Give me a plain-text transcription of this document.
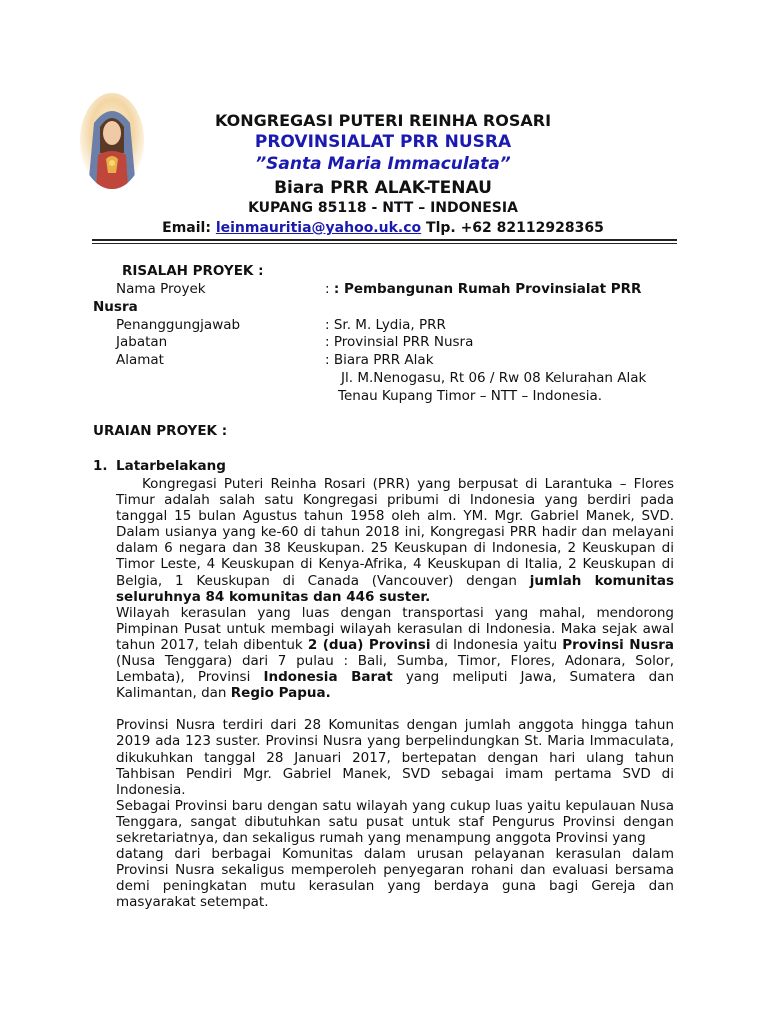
KONGREGASI PUTERI REINHA ROSARI
PROVINSIALAT PRR NUSRA
”Santa Maria Immaculata”
Biara PRR ALAK-TENAU
KUPANG 85118 - NTT – INDONESIA
Email: leinmauritia@yahoo.uk.co Tlp. +62 82112928365
RISALAH PROYEK :
Nama Proyek	: : Pembangunan Rumah Provinsialat PRR
Nusra
Penanggungjawab	: Sr. M. Lydia, PRR
Jabatan	: Provinsial PRR Nusra
Alamat	: Biara PRR Alak
Jl. M.Nenogasu, Rt 06 / Rw 08 Kelurahan Alak
Tenau Kupang Timor – NTT – Indonesia.
URAIAN PROYEK :
1. Latarbelakang

Kongregasi Puteri Reinha Rosari (PRR) yang berpusat di Larantuka – Flores Timur adalah salah satu Kongregasi pribumi di Indonesia yang berdiri pada tanggal 15 bulan Agustus tahun 1958 oleh alm. YM. Mgr. Gabriel Manek, SVD. Dalam usianya yang ke-60 di tahun 2018 ini, Kongregasi PRR hadir dan melayani dalam 6 negara dan 38 Keuskupan. 25 Keuskupan di Indonesia, 2 Keuskupan di Timor Leste, 4 Keuskupan di Kenya-Afrika, 4 Keuskupan di Italia, 2 Keuskupan di Belgia, 1 Keuskupan di Canada (Vancouver) dengan jumlah komunitas seluruhnya 84 komunitas dan 446 suster.

Wilayah kerasulan yang luas dengan transportasi yang mahal, mendorong Pimpinan Pusat untuk membagi wilayah kerasulan di Indonesia. Maka sejak awal tahun 2017, telah dibentuk 2 (dua) Provinsi di Indonesia yaitu Provinsi Nusra (Nusa Tenggara) dari 7 pulau : Bali, Sumba, Timor, Flores, Adonara, Solor, Lembata), Provinsi Indonesia Barat yang meliputi Jawa, Sumatera dan Kalimantan, dan Regio Papua.

Provinsi Nusra terdiri dari 28 Komunitas dengan jumlah anggota hingga tahun 2019 ada 123 suster. Provinsi Nusra yang berpelindungkan St. Maria Immaculata, dikukuhkan tanggal 28 Januari 2017, bertepatan dengan hari ulang tahun Tahbisan Pendiri Mgr. Gabriel Manek, SVD sebagai imam pertama SVD di Indonesia.

Sebagai Provinsi baru dengan satu wilayah yang cukup luas yaitu kepulauan Nusa Tenggara, sangat dibutuhkan satu pusat untuk staf Pengurus Provinsi dengan sekretariatnya, dan sekaligus rumah yang menampung anggota Provinsi yang

datang dari berbagai Komunitas dalam urusan pelayanan kerasulan dalam Provinsi Nusra sekaligus memperoleh penyegaran rohani dan evaluasi bersama demi peningkatan mutu kerasulan yang berdaya guna bagi Gereja dan masyarakat setempat.
